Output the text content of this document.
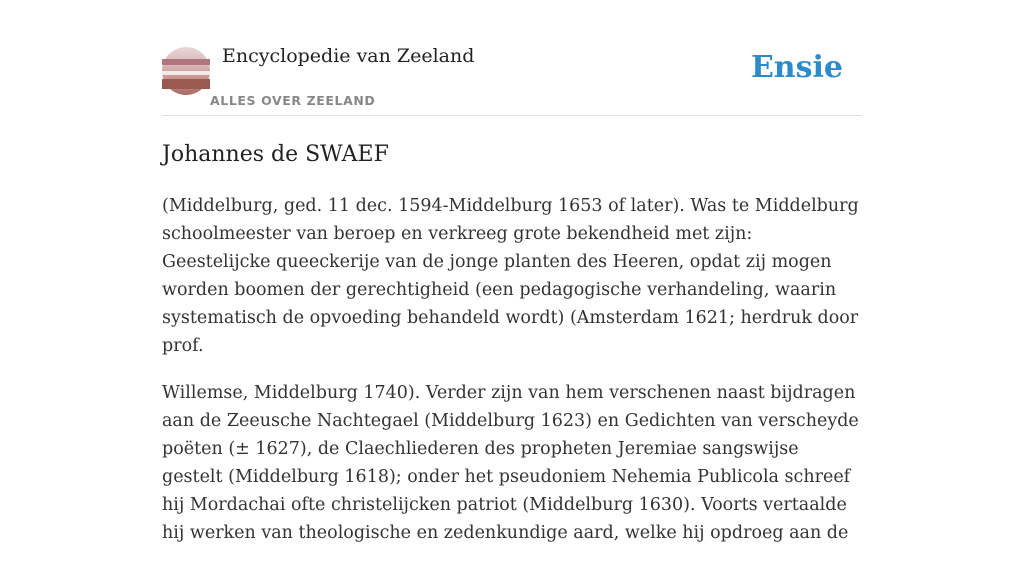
Encyclopedie van Zeeland
ALLES OVER ZEELAND
Ensie
Johannes de SWAEF

(Middelburg, ged. 11 dec. 1594-Middelburg 1653 of later). Was te Middelburg schoolmeester van beroep en verkreeg grote bekendheid met zijn: Geestelijcke queeckerije van de jonge planten des Heeren, opdat zij mogen worden boomen der gerechtigheid (een pedagogische verhandeling, waarin systematisch de opvoeding behandeld wordt) (Amsterdam 1621; herdruk door prof.

Willemse, Middelburg 1740). Verder zijn van hem verschenen naast bijdragen aan de Zeeusche Nachtegael (Middelburg 1623) en Gedichten van verscheyde poëten (± 1627), de Claechliederen des propheten Jeremiae sangswijse gestelt (Middelburg 1618); onder het pseudoniem Nehemia Publicola schreef hij Mordachai ofte christelijcken patriot (Middelburg 1630). Voorts vertaalde hij werken van theologische en zedenkundige aard, welke hij opdroeg aan de
